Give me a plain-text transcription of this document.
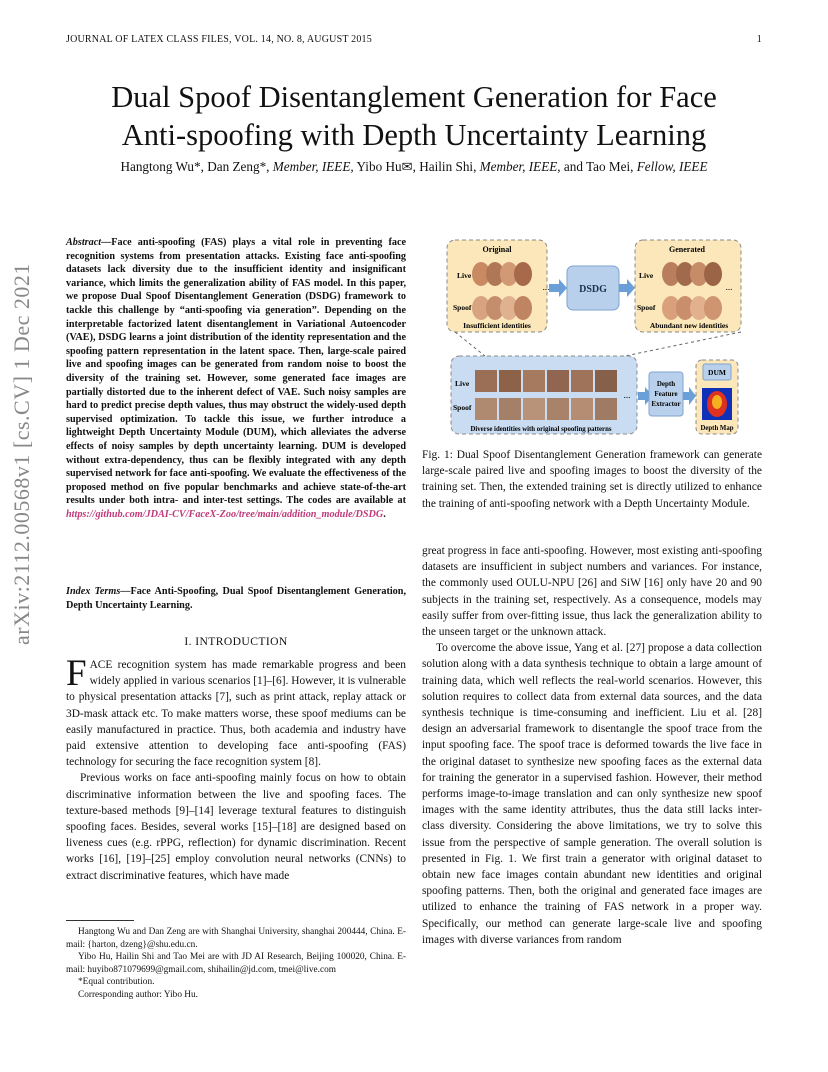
JOURNAL OF LATEX CLASS FILES, VOL. 14, NO. 8, AUGUST 2015	1
Dual Spoof Disentanglement Generation for Face
Anti-spoofing with Depth Uncertainty Learning
Hangtong Wu*, Dan Zeng*, Member, IEEE, Yibo Hu✉, Hailin Shi, Member, IEEE, and Tao Mei, Fellow, IEEE
arXiv:2112.00568v1 [cs.CV] 1 Dec 2021
Abstract—Face anti-spoofing (FAS) plays a vital role in preventing face recognition systems from presentation attacks. Existing face anti-spoofing datasets lack diversity due to the insufficient identity and insignificant variance, which limits the generalization ability of FAS model. In this paper, we propose Dual Spoof Disentanglement Generation (DSDG) framework to tackle this challenge by “anti-spoofing via generation”. Depending on the interpretable factorized latent disentanglement in Variational Autoencoder (VAE), DSDG learns a joint distribution of the identity representation and the spoofing pattern representation in the latent space. Then, large-scale paired live and spoofing images can be generated from random noise to boost the diversity of the training set. However, some generated face images are partially distorted due to the inherent defect of VAE. Such noisy samples are hard to predict precise depth values, thus may obstruct the widely-used depth supervised optimization. To tackle this issue, we further introduce a lightweight Depth Uncertainty Module (DUM), which alleviates the adverse effects of noisy samples by depth uncertainty learning. DUM is developed without extra-dependency, thus can be flexibly integrated with any depth supervised network for face anti-spoofing. We evaluate the effectiveness of the proposed method on five popular benchmarks and achieve state-of-the-art results under both intra- and inter-test settings. The codes are available at https://github.com/JDAI-CV/FaceX-Zoo/tree/main/addition_module/DSDG.
Index Terms—Face Anti-Spoofing, Dual Spoof Disentanglement Generation, Depth Uncertainty Learning.
I. INTRODUCTION

FACE recognition system has made remarkable progress and been widely applied in various scenarios [1]–[6]. However, it is vulnerable to physical presentation attacks [7], such as print attack, replay attack or 3D-mask attack etc. To make matters worse, these spoof mediums can be easily manufactured in practice. Thus, both academia and industry have paid extensive attention to developing face anti-spoofing (FAS) technology for securing the face recognition system [8].

Previous works on face anti-spoofing mainly focus on how to obtain discriminative information between the live and spoofing faces. The texture-based methods [9]–[14] leverage textural features to distinguish spoofing faces. Besides, several works [15]–[18] are designed based on liveness cues (e.g. rPPG, reflection) for dynamic discrimination. Recent works [16], [19]–[25] employ convolution neural networks (CNNs) to extract discriminative features, which have made

Hangtong Wu and Dan Zeng are with Shanghai University, shanghai 200444, China. E-mail: {harton, dzeng}@shu.edu.cn.

Yibo Hu, Hailin Shi and Tao Mei are with JD AI Research, Beijing 100020, China. E-mail: huyibo871079699@gmail.com, shihailin@jd.com, tmei@live.com

*Equal contribution.

Corresponding author: Yibo Hu.

Original
Live
Spoof
...
Insufficient identities
DSDG
Generated
Live
Spoof
...
Abundant new identities
Live
Spoof
...
Diverse identities with original spoofing patterns
Depth
Feature
Extractor
DUM
Depth Map
Fig. 1: Dual Spoof Disentanglement Generation framework can generate large-scale paired live and spoofing images to boost the diversity of the training set. Then, the extended training set is directly utilized to enhance the training of anti-spoofing network with a Depth Uncertainty Module.

great progress in face anti-spoofing. However, most existing anti-spoofing datasets are insufficient in subject numbers and variances. For instance, the commonly used OULU-NPU [26] and SiW [16] only have 20 and 90 subjects in the training set, respectively. As a consequence, models may easily suffer from over-fitting issue, thus lack the generalization ability to the unseen target or the unknown attack.

To overcome the above issue, Yang et al. [27] propose a data collection solution along with a data synthesis technique to obtain a large amount of training data, which well reflects the real-world scenarios. However, this solution requires to collect data from external data sources, and the data synthesis technique is time-consuming and inefficient. Liu et al. [28] design an adversarial framework to disentangle the spoof trace from the input spoofing face. The spoof trace is deformed towards the live face in the original dataset to synthesize new spoofing faces as the external data for training the generator in a supervised fashion. However, their method performs image-to-image translation and can only synthesize new spoof images with the same identity attributes, thus the data still lacks inter-class diversity. Considering the above limitations, we try to solve this issue from the perspective of sample generation. The overall solution is presented in Fig. 1. We first train a generator with original dataset to obtain new face images contain abundant new identities and original spoofing patterns. Then, both the original and generated face images are utilized to enhance the training of FAS network in a proper way. Specifically, our method can generate large-scale live and spoofing images with diverse variances from random
